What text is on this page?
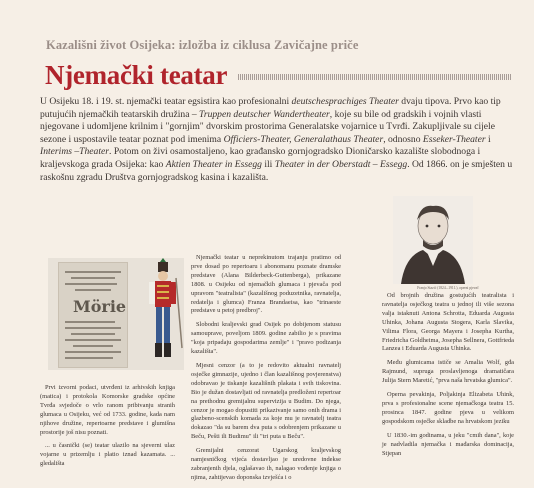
Kazališni život Osijeka: izložba iz ciklusa Zavičajne priče
Njemački teatar
U Osijeku 18. i 19. st. njemački teatar egsistira kao profesionalni deutschesprachiges Theater dvaju tipova. Prvo kao tip putujućih njemačkih teatarskih družina – Truppen deutscher Wandertheater, koje su bile od gradskih i vojnih vlasti njegovane i udomljene krilnim i "gornjim" dvorskim prostorima Generalatske vojarnice u Tvrđi. Zakupljivale su cijele sezone i uspostavile teatar poznat pod imenima Officiers-Theater, Generalathaus Theater, odnosno Esseker-Theater i Interims –Theater. Potom on živi osamostaljeno, kao građansko gornjogradsko Dioničarsko kazalište slobodnoga i kraljevskoga grada Osijeka: kao Aktien Theater in Essegg ili Theater in der Oberstadt – Essegg. Od 1866. on je smješten u raskošnu zgradu Društva gornjogradskog kasina i kazališta.
Mörie
Franjo Stazić (1824.–1911.), operni pjevač

Prvi izvorni podaci, utvrđeni iz arhivskih knjiga (matica) i protokola Komorske gradske općine Tvrđa svjedoče o vrlo ranom pribivanju stranih glumaca u Osijeku, već od 1733. godine, kada nam njihove družine, repertoarne predstave i glumišna prostorije još nisu poznati.

... u časnički (se) teatar ulazilo na sjeverni ulaz vojarne u prizemlju i platio iznad kazamata. ... gledališta

Njemački teatar u neprekinutom trajanju pratimo od prve dosad po repertoaru i abonomanu poznate dramske predstave (Alana Bilderbeck-Guttenberga), prikazane 1808. u Osijeku od njemačkih glumaca i pjevača pod upravom "teatralista" (kazališnog poduzetnika, ravnatelja, redatelja i glumca) Franza Brandaeisa, kao "trinaeste predstave u petoj predbroj".

Slobodni kraljevski grad Osijek po dobijenom statusu samouprave, poveljom 1809. godine zabilio je s pravima "koja pripadaju gospodarima zemlje" i "pravo podizanja kazališta".

Mjesni cenzor (a to je redovito aktualni ravnatelj osječke gimnazije, ujedno i član kazališnog povjerenstva) odobravao je tiskanje kazališnih plakata i svih tiskovina. Bio je dužan dostavljati od ravnatelja predloženi repertoar na prethodnu gremijalnu supervizija u Budim. Do njega, cenzor je mogao dopustiti prikazivanje samo onih drama i glazbeno-scenskih komada za koje mu je ravnatelj teatra dokazao "da su barem dva puta s odobrenjem prikazane u Beču, Pešti ili Budimu" ili "tri puta u Beču".

Gremijalni cenzorat Ugarskog kraljevskog namjesničkog vijeća dostavljao je uredovne indekse zabranjenih djela, oglašavao ih, nalagao vođenje knjiga o njima, zahtijevao doponska izvješća i o

Od brojnih družina gostujućih teatralista i ravnatelja osječkog teatra u jednoj ili više sezona valja istaknuti Antona Schrotta, Eduarda Augusta Uhinka, Johana Augusta Stogera, Karla Slavika, Vilima Flora, Georga Mayera i Josepha Kurtha, Friedricha Goldheima, Josepha Sellnera, Gottfrieda Lanzea i Eduarda Augusta Uhinka.

Među glumicama ističe se Amalia Wolf, gđa Rajmund, supruga proslavljenoga dramatičara Julija Stern Maretić, "prva naša hrvatska glumica".

Operna pevakinja, Poljakinja Elizabeta Uhink, prva s profesionalne scene njemačkoga teatra 15. prosinca 1847. godine pjeva u velikom gospodskom osječke skladbe na hrvatskom jeziku

U 1830.-im godinama, u jeku "cmih dana", koje je nadvladila njemačka i mađarska dominacija, Stjepan
